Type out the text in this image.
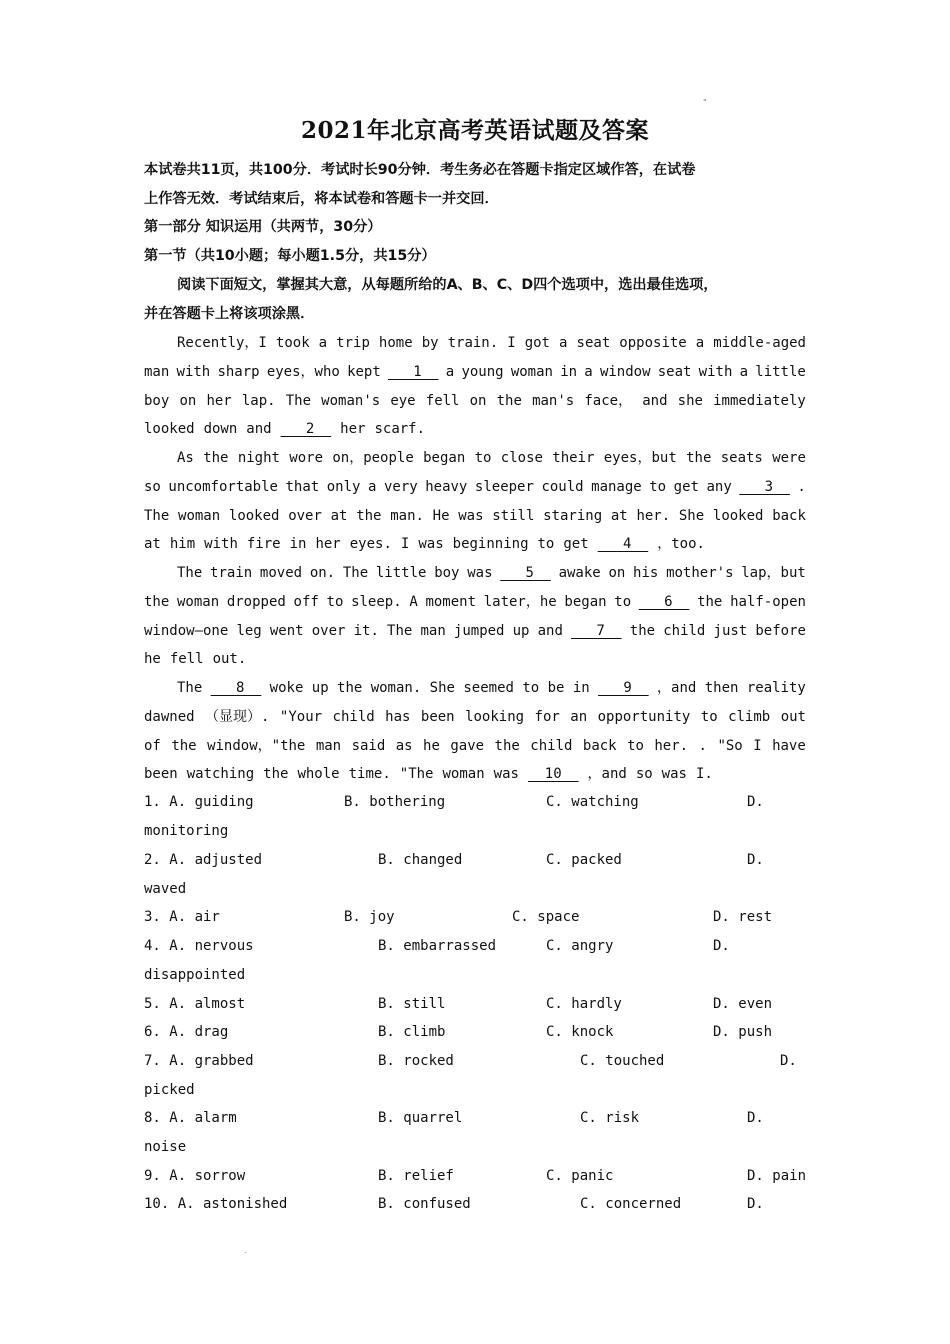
"
2021年北京高考英语试题及答案
本试卷共11页，共100分．考试时长90分钟．考生务必在答题卡指定区域作答，在试卷
上作答无效．考试结束后，将本试卷和答题卡一并交回．
第一部分 知识运用（共两节，30分）
第一节（共10小题；每小题1.5分，共15分）
阅读下面短文，掌握其大意，从每题所给的A、B、C、D四个选项中，选出最佳选项，
并在答题卡上将该项涂黑．
Recently，I took a trip home by train. I got a seat opposite a middle-aged
man with sharp eyes，who kept 1 a young woman in a window seat with a little
boy on her lap. The woman's eye fell on the man's face， and she immediately
looked down and 2 her scarf.
As the night wore on，people began to close their eyes，but the seats were
so uncomfortable that only a very heavy sleeper could manage to get any 3 .
The woman looked over at the man. He was still staring at her. She looked back
at him with fire in her eyes. I was beginning to get 4 ，too.
The train moved on. The little boy was 5 awake on his mother's lap，but
the woman dropped off to sleep. A moment later，he began to 6 the half-open
window—one leg went over it. The man jumped up and 7 the child just before
he fell out.
The 8 woke up the woman. She seemed to be in 9 ，and then reality
dawned （显现）. "Your child has been looking for an opportunity to climb out
of the window，"the man said as he gave the child back to her. . "So I have
been watching the whole time. "The woman was 10 ，and so was I.
1. A. guiding	B. bothering	C. watching	D.
monitoring
2. A. adjusted	B. changed	C. packed	D.
waved
3. A. air	B. joy	C. space	D. rest
4. A. nervous	B. embarrassed	C. angry	D.
disappointed
5. A. almost	B. still	C. hardly	D. even
6. A. drag	B. climb	C. knock	D. push
7. A. grabbed	B. rocked	C. touched	D.
picked
8. A. alarm	B. quarrel	C. risk	D.
noise
9. A. sorrow	B. relief	C. panic	D. pain
10. A. astonished	B. confused	C. concerned	D.
.
